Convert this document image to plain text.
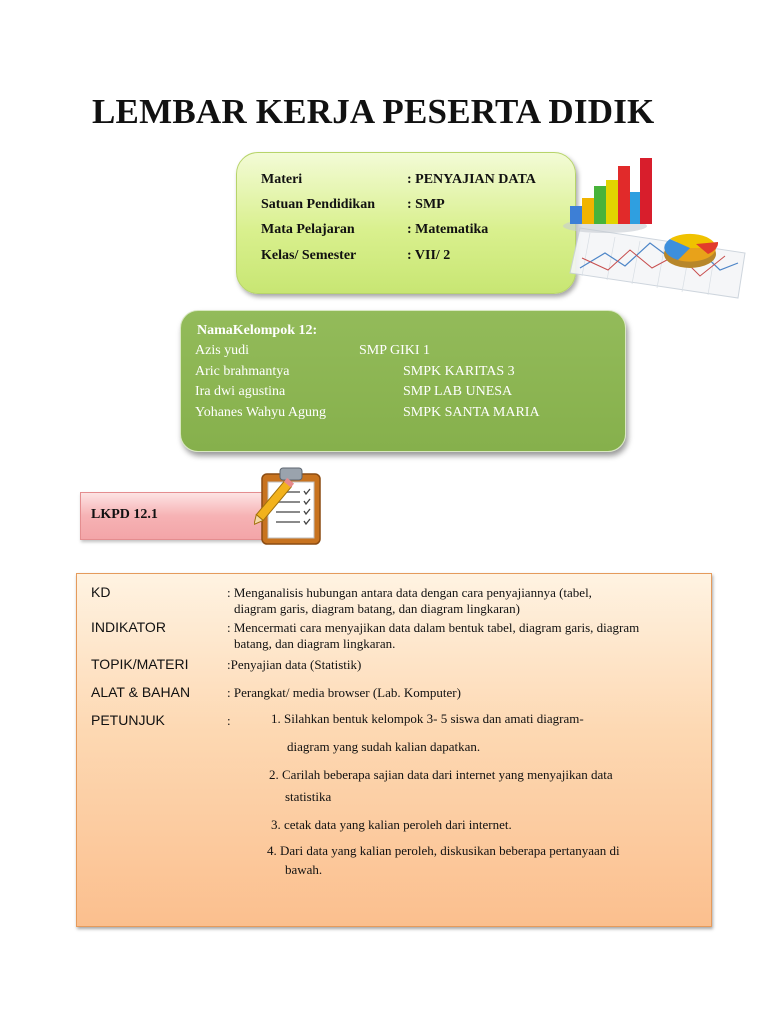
LEMBAR KERJA PESERTA DIDIK
Materi	: PENYAJIAN DATA
Satuan Pendidikan : SMP
Mata Pelajaran	: Matematika
Kelas/ Semester	: VII/ 2
NamaKelompok 12:
Azis yudi	SMP GIKI 1
Aric brahmantya	SMPK KARITAS 3
Ira dwi agustina	SMP LAB UNESA
Yohanes Wahyu Agung	SMPK SANTA MARIA
LKPD 12.1
KD	: Menganalisis hubungan antara data dengan cara penyajiannya (tabel,
diagram garis, diagram batang, dan diagram lingkaran)
INDIKATOR	: Mencermati cara menyajikan data dalam bentuk tabel, diagram garis, diagram
batang, dan diagram lingkaran.
TOPIK/MATERI	:Penyajian data (Statistik)
ALAT & BAHAN	: Perangkat/ media browser (Lab. Komputer)
PETUNJUK	:	1. Silahkan bentuk kelompok 3- 5 siswa dan amati diagram-
diagram yang sudah kalian dapatkan.
2. Carilah beberapa sajian data dari internet yang menyajikan data
statistika
3. cetak data yang kalian peroleh dari internet.
4. Dari data yang kalian peroleh, diskusikan beberapa pertanyaan di
bawah.
